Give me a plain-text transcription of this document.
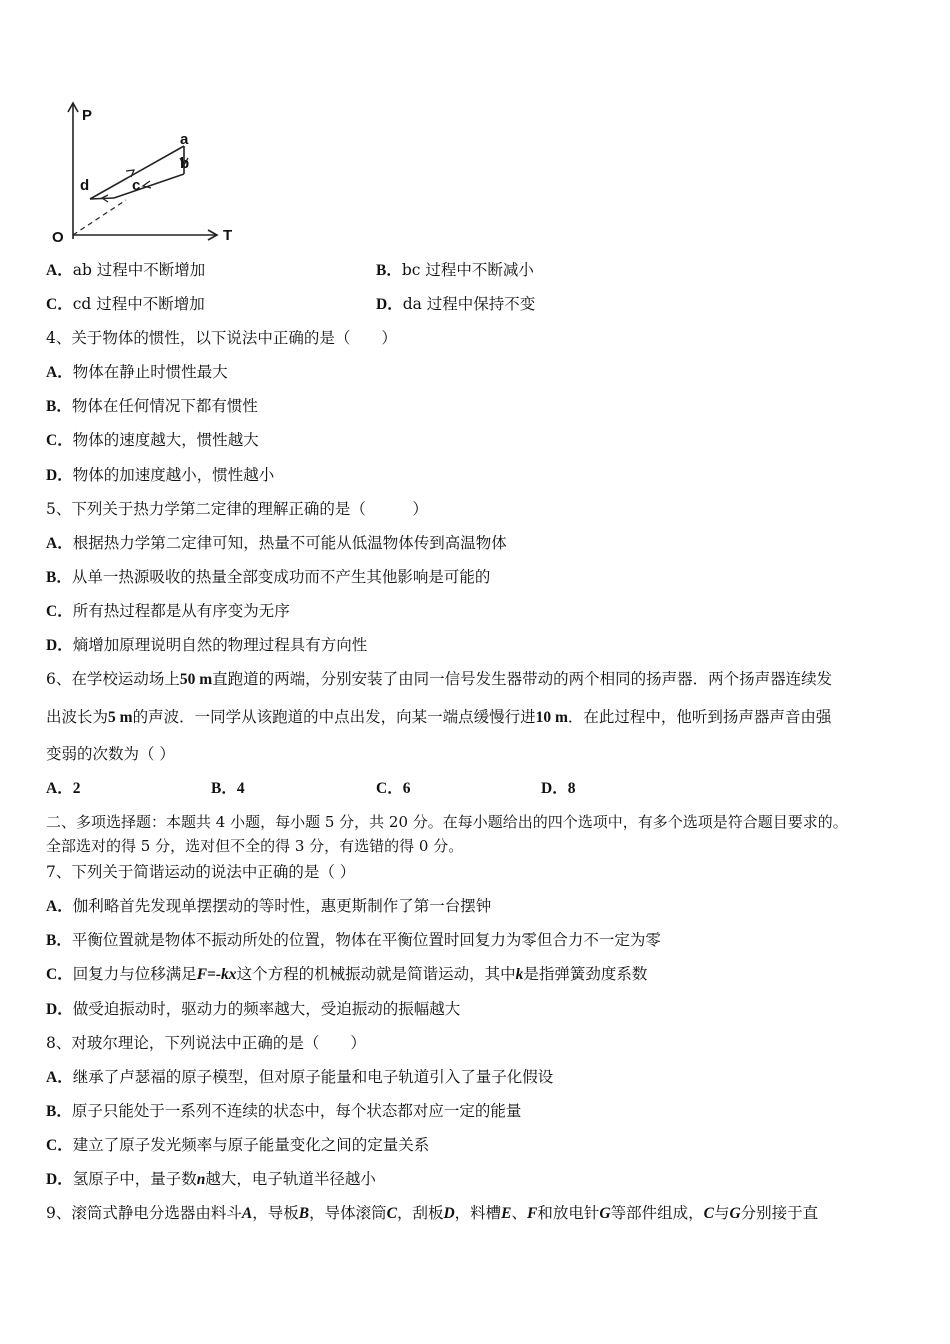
P
T
O
a
b
c
d
A．ab 过程中不断增加	B．bc 过程中不断减小
C．cd 过程中不断增加	D．da 过程中保持不变
4、关于物体的惯性，以下说法中正确的是（　　）
A．物体在静止时惯性最大
B．物体在任何情况下都有惯性
C．物体的速度越大，惯性越大
D．物体的加速度越小，惯性越小
5、下列关于热力学第二定律的理解正确的是（　　　）
A．根据热力学第二定律可知，热量不可能从低温物体传到高温物体
B．从单一热源吸收的热量全部变成功而不产生其他影响是可能的
C．所有热过程都是从有序变为无序
D．熵增加原理说明自然的物理过程具有方向性
6、在学校运动场上50 m直跑道的两端，分别安装了由同一信号发生器带动的两个相同的扬声器．两个扬声器连续发
出波长为5 m的声波．一同学从该跑道的中点出发，向某一端点缓慢行进10 m．在此过程中，他听到扬声器声音由强
变弱的次数为（ ）
A．2	B．4	C．6	D．8
二、多项选择题：本题共 4 小题，每小题 5 分，共 20 分。在每小题给出的四个选项中，有多个选项是符合题目要求的。
全部选对的得 5 分，选对但不全的得 3 分，有选错的得 0 分。
7、下列关于简谐运动的说法中正确的是（ ）
A．伽利略首先发现单摆摆动的等时性，惠更斯制作了第一台摆钟
B．平衡位置就是物体不振动所处的位置，物体在平衡位置时回复力为零但合力不一定为零
C．回复力与位移满足F=-kx这个方程的机械振动就是简谐运动，其中k是指弹簧劲度系数
D．做受迫振动时，驱动力的频率越大，受迫振动的振幅越大
8、对玻尔理论，下列说法中正确的是（　　）
A．继承了卢瑟福的原子模型，但对原子能量和电子轨道引入了量子化假设
B．原子只能处于一系列不连续的状态中，每个状态都对应一定的能量
C．建立了原子发光频率与原子能量变化之间的定量关系
D．氢原子中，量子数n越大，电子轨道半径越小
9、滚筒式静电分选器由料斗A，导板B，导体滚筒C，刮板D，料槽E、F和放电针G等部件组成，C与G分别接于直
